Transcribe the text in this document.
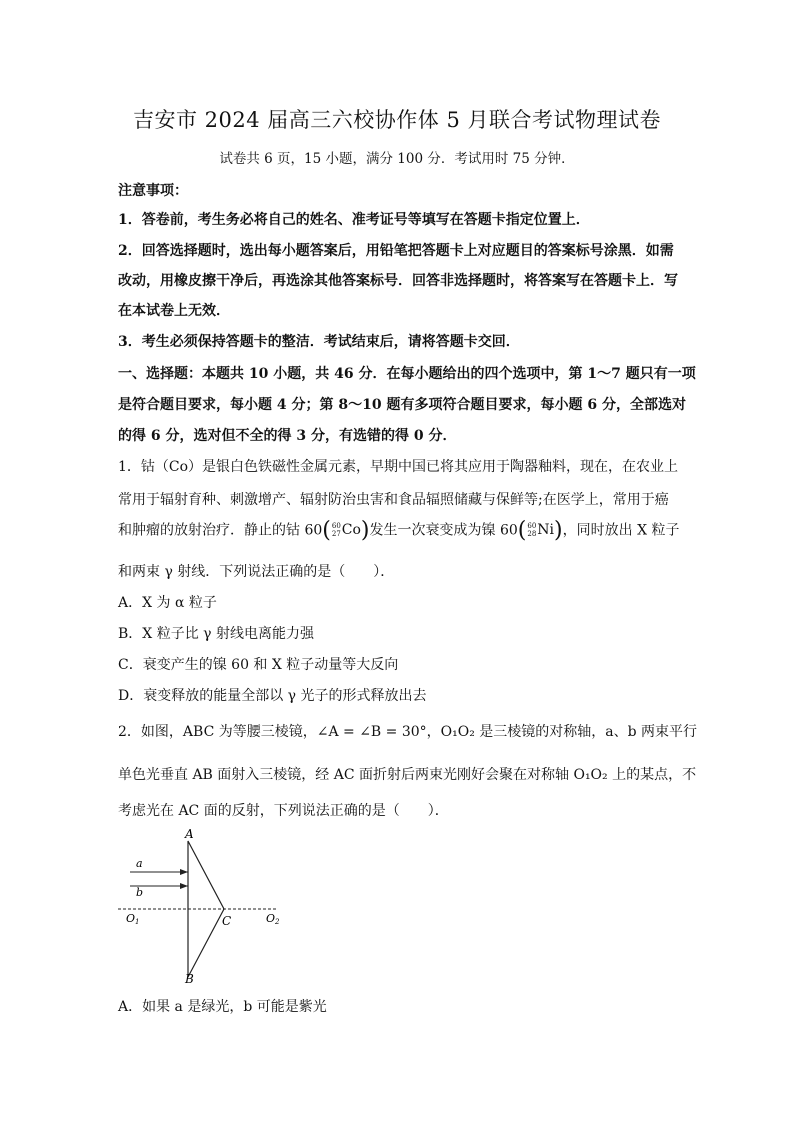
吉安市 2024 届高三六校协作体 5 月联合考试物理试卷
试卷共 6 页，15 小题，满分 100 分．考试用时 75 分钟．
注意事项：
1．答卷前，考生务必将自己的姓名、准考证号等填写在答题卡指定位置上．
2．回答选择题时，选出每小题答案后，用铅笔把答题卡上对应题目的答案标号涂黑．如需
改动，用橡皮擦干净后，再选涂其他答案标号．回答非选择题时，将答案写在答题卡上．写
在本试卷上无效．
3．考生必须保持答题卡的整洁．考试结束后，请将答题卡交回．
一、选择题：本题共 10 小题，共 46 分．在每小题给出的四个选项中，第 1～7 题只有一项
是符合题目要求，每小题 4 分；第 8～10 题有多项符合题目要求，每小题 6 分，全部选对
的得 6 分，选对但不全的得 3 分，有选错的得 0 分．
1．钴（Co）是银白色铁磁性金属元素，早期中国已将其应用于陶器釉料，现在，在农业上
常用于辐射育种、刺激增产、辐射防治虫害和食品辐照储藏与保鲜等;在医学上，常用于癌
和肿瘤的放射治疗．静止的钴 60( 60
27 Co)发生一次衰变成为镍 60( 60
28 Ni)，同时放出 X 粒子
和两束 γ 射线．下列说法正确的是（　　）．
A．X 为 α 粒子
B．X 粒子比 γ 射线电离能力强
C．衰变产生的镍 60 和 X 粒子动量等大反向
D．衰变释放的能量全部以 γ 光子的形式释放出去
2．如图，ABC 为等腰三棱镜，∠A = ∠B = 30°，O₁O₂ 是三棱镜的对称轴，a、b 两束平行
单色光垂直 AB 面射入三棱镜，经 AC 面折射后两束光刚好会聚在对称轴 O₁O₂ 上的某点，不
考虑光在 AC 面的反射，下列说法正确的是（　　）．
A
B
C
a
b
O1	O2
A．如果 a 是绿光，b 可能是紫光
